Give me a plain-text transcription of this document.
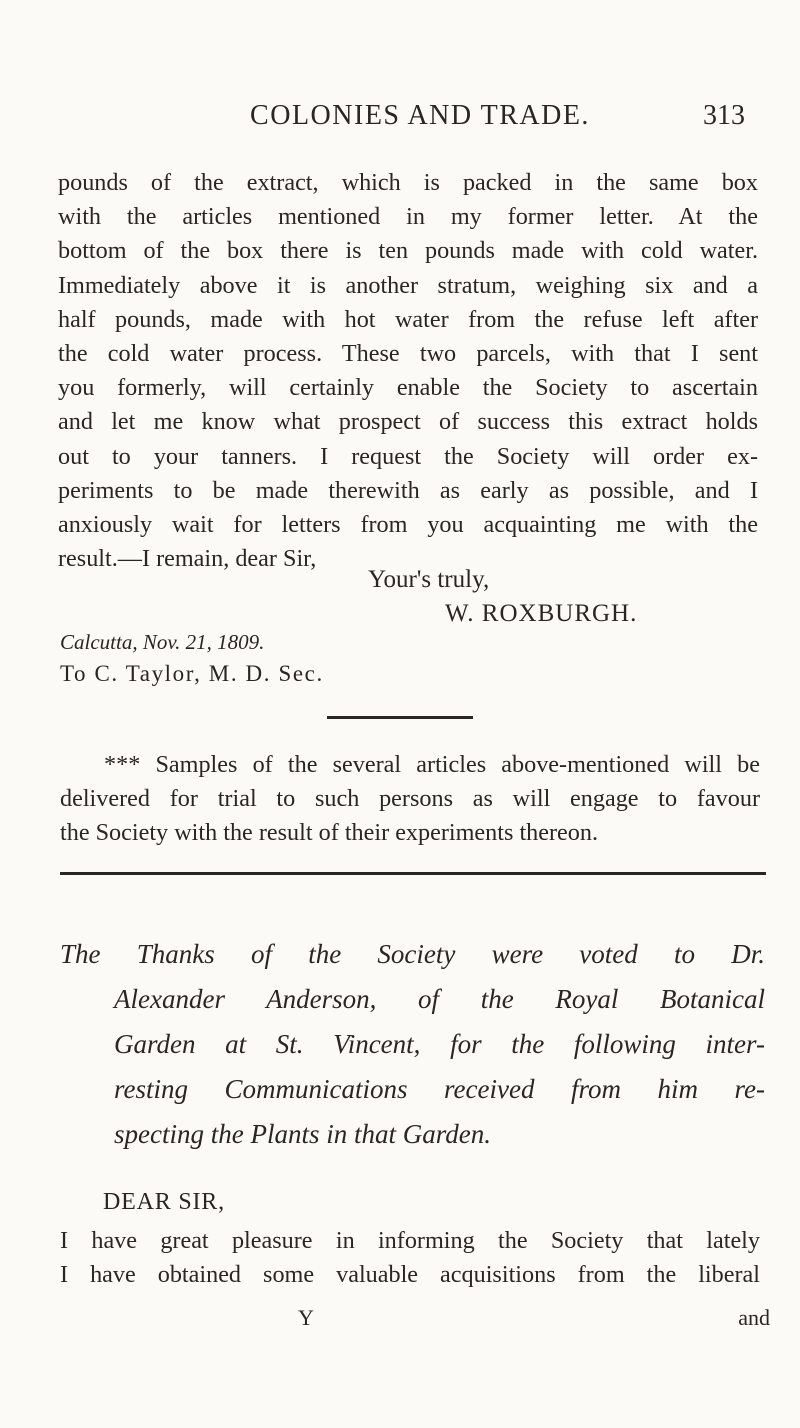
COLONIES AND TRADE.	313
pounds of the extract, which is packed in the same box
with the articles mentioned in my former letter. At the
bottom of the box there is ten pounds made with cold water.
Immediately above it is another stratum, weighing six and a
half pounds, made with hot water from the refuse left after
the cold water process. These two parcels, with that I sent
you formerly, will certainly enable the Society to ascertain
and let me know what prospect of success this extract holds
out to your tanners. I request the Society will order ex-
periments to be made therewith as early as possible, and I
anxiously wait for letters from you acquainting me with the
result.—I remain, dear Sir,
Your's truly,
W. ROXBURGH.
Calcutta, Nov. 21, 1809.
To C. Taylor, M. D. Sec.
*** Samples of the several articles above-mentioned will be
delivered for trial to such persons as will engage to favour
the Society with the result of their experiments thereon.
The Thanks of the Society were voted to Dr.
Alexander Anderson, of the Royal Botanical
Garden at St. Vincent, for the following inter-
resting Communications received from him re-
specting the Plants in that Garden.
DEAR SIR,
I have great pleasure in informing the Society that lately
I have obtained some valuable acquisitions from the liberal
Y	and
